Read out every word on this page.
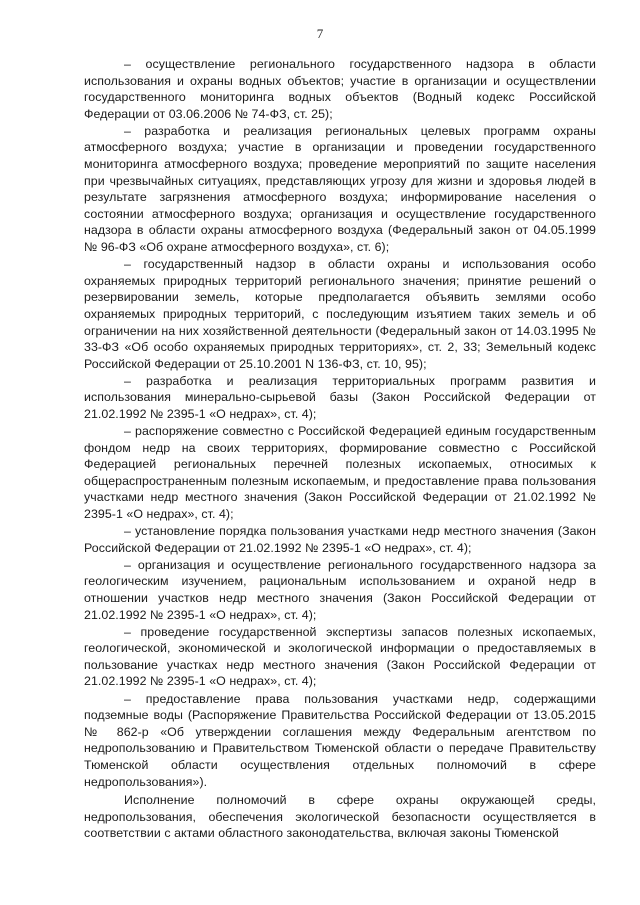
7

– осуществление регионального государственного надзора в области использования и охраны водных объектов; участие в организации и осуществлении государственного мониторинга водных объектов (Водный кодекс Российской Федерации от 03.06.2006 № 74-ФЗ, ст. 25);

– разработка и реализация региональных целевых программ охраны атмосферного воздуха; участие в организации и проведении государственного мониторинга атмосферного воздуха; проведение мероприятий по защите населения при чрезвычайных ситуациях, представляющих угрозу для жизни и здоровья людей в результате загрязнения атмосферного воздуха; информирование населения о состоянии атмосферного воздуха; организация и осуществление государственного надзора в области охраны атмосферного воздуха (Федеральный закон от 04.05.1999 № 96-ФЗ «Об охране атмосферного воздуха», ст. 6);

– государственный надзор в области охраны и использования особо охраняемых природных территорий регионального значения; принятие решений о резервировании земель, которые предполагается объявить землями особо охраняемых природных территорий, с последующим изъятием таких земель и об ограничении на них хозяйственной деятельности (Федеральный закон от 14.03.1995 № 33-ФЗ «Об особо охраняемых природных территориях», ст. 2, 33; Земельный кодекс Российской Федерации от 25.10.2001 N 136-ФЗ, ст. 10, 95);

– разработка и реализация территориальных программ развития и использования минерально-сырьевой базы (Закон Российской Федерации от 21.02.1992 № 2395-1 «О недрах», ст. 4);

– распоряжение совместно с Российской Федерацией единым государственным фондом недр на своих территориях, формирование совместно с Российской Федерацией региональных перечней полезных ископаемых, относимых к общераспространенным полезным ископаемым, и предоставление права пользования участками недр местного значения (Закон Российской Федерации от 21.02.1992 № 2395-1 «О недрах», ст. 4);

– установление порядка пользования участками недр местного значения (Закон Российской Федерации от 21.02.1992 № 2395-1 «О недрах», ст. 4);

– организация и осуществление регионального государственного надзора за геологическим изучением, рациональным использованием и охраной недр в отношении участков недр местного значения (Закон Российской Федерации от 21.02.1992 № 2395-1 «О недрах», ст. 4);

– проведение государственной экспертизы запасов полезных ископаемых, геологической, экономической и экологической информации о предоставляемых в пользование участках недр местного значения (Закон Российской Федерации от 21.02.1992 № 2395-1 «О недрах», ст. 4);

– предоставление права пользования участками недр, содержащими подземные воды (Распоряжение Правительства Российской Федерации от 13.05.2015 № 862-р «Об утверждении соглашения между Федеральным агентством по недропользованию и Правительством Тюменской области о передаче Правительству Тюменской области осуществления отдельных полномочий в сфере недропользования»).

Исполнение полномочий в сфере охраны окружающей среды, недропользования, обеспечения экологической безопасности осуществляется в соответствии с актами областного законодательства, включая законы Тюменской
